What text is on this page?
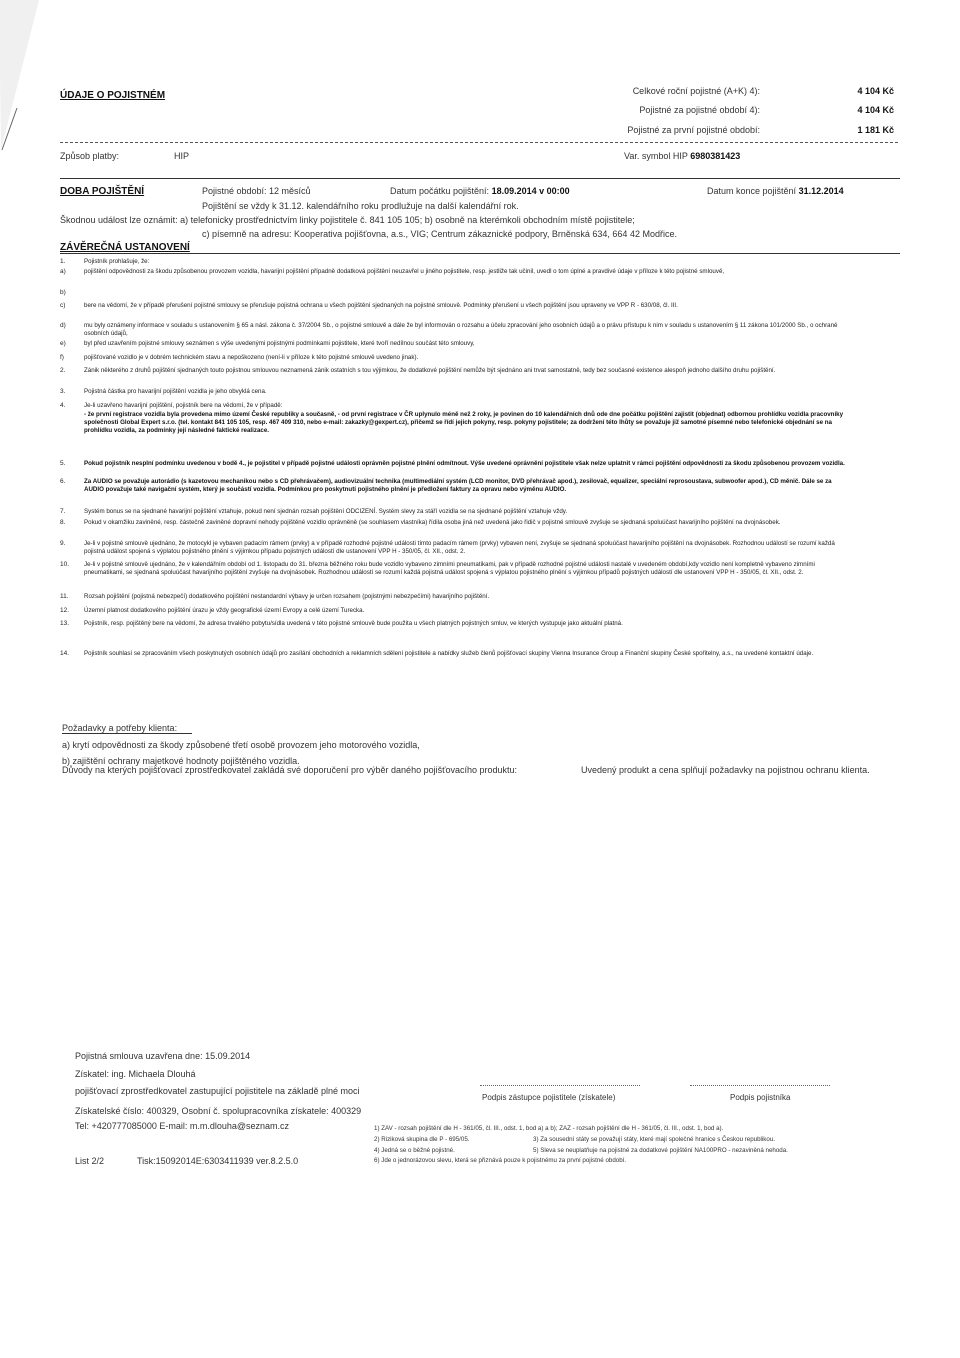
ÚDAJE O POJISTNÉM	Celkové roční pojistné (A+K) 4):	4 104 Kč
Pojistné za pojistné období 4):	4 104 Kč
Pojistné za první pojistné období:	1 181 Kč
Způsob platby:	HIP	Var. symbol HIP 6980381423
DOBA POJIŠTĚNÍ	Pojistné období: 12 měsíců	Datum počátku pojištění: 18.09.2014 v 00:00	Datum konce pojištění 31.12.2014
Pojištění se vždy k 31.12. kalendářního roku prodlužuje na další kalendářní rok.
Škodnou událost lze oznámit: a) telefonicky prostřednictvím linky pojistitele č. 841 105 105; b) osobně na kterémkoli obchodním místě pojistitele;
c) písemně na adresu: Kooperativa pojišťovna, a.s., VIG; Centrum zákaznické podpory, Brněnská 634, 664 42 Modřice.
ZÁVĚREČNÁ USTANOVENÍ
1.	Pojistník prohlašuje, že:
a)	pojištění odpovědnosti za škodu způsobenou provozem vozidla, havarijní pojištění případně dodatková pojištění neuzavřel u jiného pojistitele, resp. jestliže tak učinil, uvedl o tom úplné a pravdivé údaje v příloze k této pojistné smlouvě,
b)
c)	bere na vědomí, že v případě přerušení pojistné smlouvy se přerušuje pojistná ochrana u všech pojištění sjednaných na pojistné smlouvě. Podmínky přerušení u všech pojištění jsou upraveny ve VPP R - 630/08, čl. III.
d)	mu byly oznámeny informace v souladu s ustanovením § 65 a násl. zákona č. 37/2004 Sb., o pojistné smlouvě a dále že byl informován o rozsahu a účelu zpracování jeho osobních údajů a o právu přístupu k nim v souladu s ustanovením § 11 zákona 101/2000 Sb., o ochraně osobních údajů,
e)	byl před uzavřením pojistné smlouvy seznámen s výše uvedenými pojistnými podmínkami pojistitele, které tvoří nedílnou součást této smlouvy,
f)	pojišťované vozidlo je v dobrém technickém stavu a nepoškozeno (není-li v příloze k této pojistné smlouvě uvedeno jinak).
2.	Zánik některého z druhů pojištění sjednaných touto pojistnou smlouvou neznamená zánik ostatních s tou výjimkou, že dodatkové pojištění nemůže být sjednáno ani trvat samostatně, tedy bez současné existence alespoň jednoho dalšího druhu pojištění.
3.	Pojistná částka pro havarijní pojištění vozidla je jeho obvyklá cena.
4.	Je-li uzavřeno havarijní pojištění, pojistník bere na vědomí, že v případě:
- že první registrace vozidla byla provedena mimo území České republiky a současně, - od první registrace v ČR uplynulo méně než 2 roky, je povinen do 10 kalendářních dnů ode dne počátku pojištění zajistit (objednat) odbornou prohlídku vozidla pracovníky společnosti Global Expert s.r.o. (tel. kontakt 841 105 105, resp. 467 409 310, nebo e-mail: zakazky@gexpert.cz), přičemž se řídí jejich pokyny, resp. pokyny pojistitele; za dodržení této lhůty se považuje již samotné písemné nebo telefonické objednání se na prohlídku vozidla, za podmínky její následné faktické realizace.
5.	Pokud pojistník nesplní podmínku uvedenou v bodě 4., je pojistitel v případě pojistné události oprávněn pojistné plnění odmítnout. Výše uvedené oprávnění pojistitele však nelze uplatnit v rámci pojištění odpovědnosti za škodu způsobenou provozem vozidla.
6.	Za AUDIO se považuje autorádio (s kazetovou mechanikou nebo s CD přehrávačem), audiovizuální technika (multimediální systém (LCD monitor, DVD přehrávač apod.), zesilovač, equalizer, speciální reprosoustava, subwoofer apod.), CD měnič. Dále se za AUDIO považuje také navigační systém, který je součástí vozidla. Podmínkou pro poskytnutí pojistného plnění je předložení faktury za opravu nebo výměnu AUDIO.
7.	Systém bonus se na sjednané havarijní pojištění vztahuje, pokud není sjednán rozsah pojištění ODCIZENÍ. Systém slevy za stáří vozidla se na sjednané pojištění vztahuje vždy.
8.	Pokud v okamžiku zaviněné, resp. částečně zaviněné dopravní nehody pojištěné vozidlo oprávněně (se souhlasem vlastníka) řídila osoba jiná než uvedená jako řidič v pojistné smlouvě zvyšuje se sjednaná spoluúčast havarijního pojištění na dvojnásobek.
9.	Je-li v pojistné smlouvě ujednáno, že motocykl je vybaven padacím rámem (prvky) a v případě rozhodné pojistné události tímto padacím rámem (prvky) vybaven není, zvyšuje se sjednaná spoluúčast havarijního pojištění na dvojnásobek. Rozhodnou událostí se rozumí každá pojistná událost spojená s výplatou pojistného plnění s výjimkou případu pojistných událostí dle ustanovení VPP H - 350/05, čl. XII., odst. 2.
10.	Je-li v pojistné smlouvě ujednáno, že v kalendářním období od 1. listopadu do 31. března běžného roku bude vozidlo vybaveno zimními pneumatikami, pak v případě rozhodné pojistné události nastalé v uvedeném období,kdy vozidlo není kompletně vybaveno zimními pneumatikami, se sjednaná spoluúčast havarijního pojištění zvyšuje na dvojnásobek. Rozhodnou událostí se rozumí každá pojistná událost spojená s výplatou pojistného plnění s výjimkou případů pojistných událostí dle ustanovení VPP H - 350/05, čl. XII., odst. 2.
11.	Rozsah pojištění (pojistná nebezpečí) dodatkového pojištění nestandardní výbavy je určen rozsahem (pojistnými nebezpečími) havarijního pojištění.
12.	Územní platnost dodatkového pojištění úrazu je vždy geografické území Evropy a celé území Turecka.
13.	Pojistník, resp. pojištěný bere na vědomí, že adresa trvalého pobytu/sídla uvedená v této pojistné smlouvě bude použita u všech platných pojistných smluv, ve kterých vystupuje jako aktuální platná.
14.	Pojistník souhlasí se zpracováním všech poskytnutých osobních údajů pro zasílání obchodních a reklamních sdělení pojistitele a nabídky služeb členů pojišťovací skupiny Vienna Insurance Group a Finanční skupiny České spořitelny, a.s., na uvedené kontaktní údaje.
Požadavky a potřeby klienta:
a) krytí odpovědnosti za škody způsobené třetí osobě provozem jeho motorového vozidla,
b) zajištění ochrany majetkové hodnoty pojištěného vozidla.
Důvody na kterých pojišťovací zprostředkovatel zakládá své doporučení pro výběr daného pojišťovacího produktu:	Uvedený produkt a cena splňují požadavky na pojistnou ochranu klienta.
Pojistná smlouva uzavřena dne: 15.09.2014
Získatel: ing. Michaela Dlouhá
pojišťovací zprostředkovatel zastupující pojistitele na základě plné moci
Získatelské číslo: 400329, Osobní č. spolupracovníka získatele: 400329
Tel: +420777085000 E-mail: m.m.dlouha@seznam.cz
List 2/2	Tisk:15092014E:6303411939 ver.8.2.5.0
Podpis zástupce pojistitele (získatele)	Podpis pojistníka
1) ZAV - rozsah pojištění dle H - 361/05, čl. III., odst. 1, bod a) a b); ZAZ - rozsah pojištění dle H - 361/05, čl. III., odst. 1, bod a).
2) Riziková skupina dle P - 695/05.	3) Za sousední státy se považují státy, které mají společné hranice s Českou republikou.
4) Jedná se o běžné pojistné.	5) Sleva se neuplatňuje na pojistné za dodatkové pojištění NA100PRO - nezaviněná nehoda.
6) Jde o jednorázovou slevu, která se přiznává pouze k pojistnému za první pojistné období.
